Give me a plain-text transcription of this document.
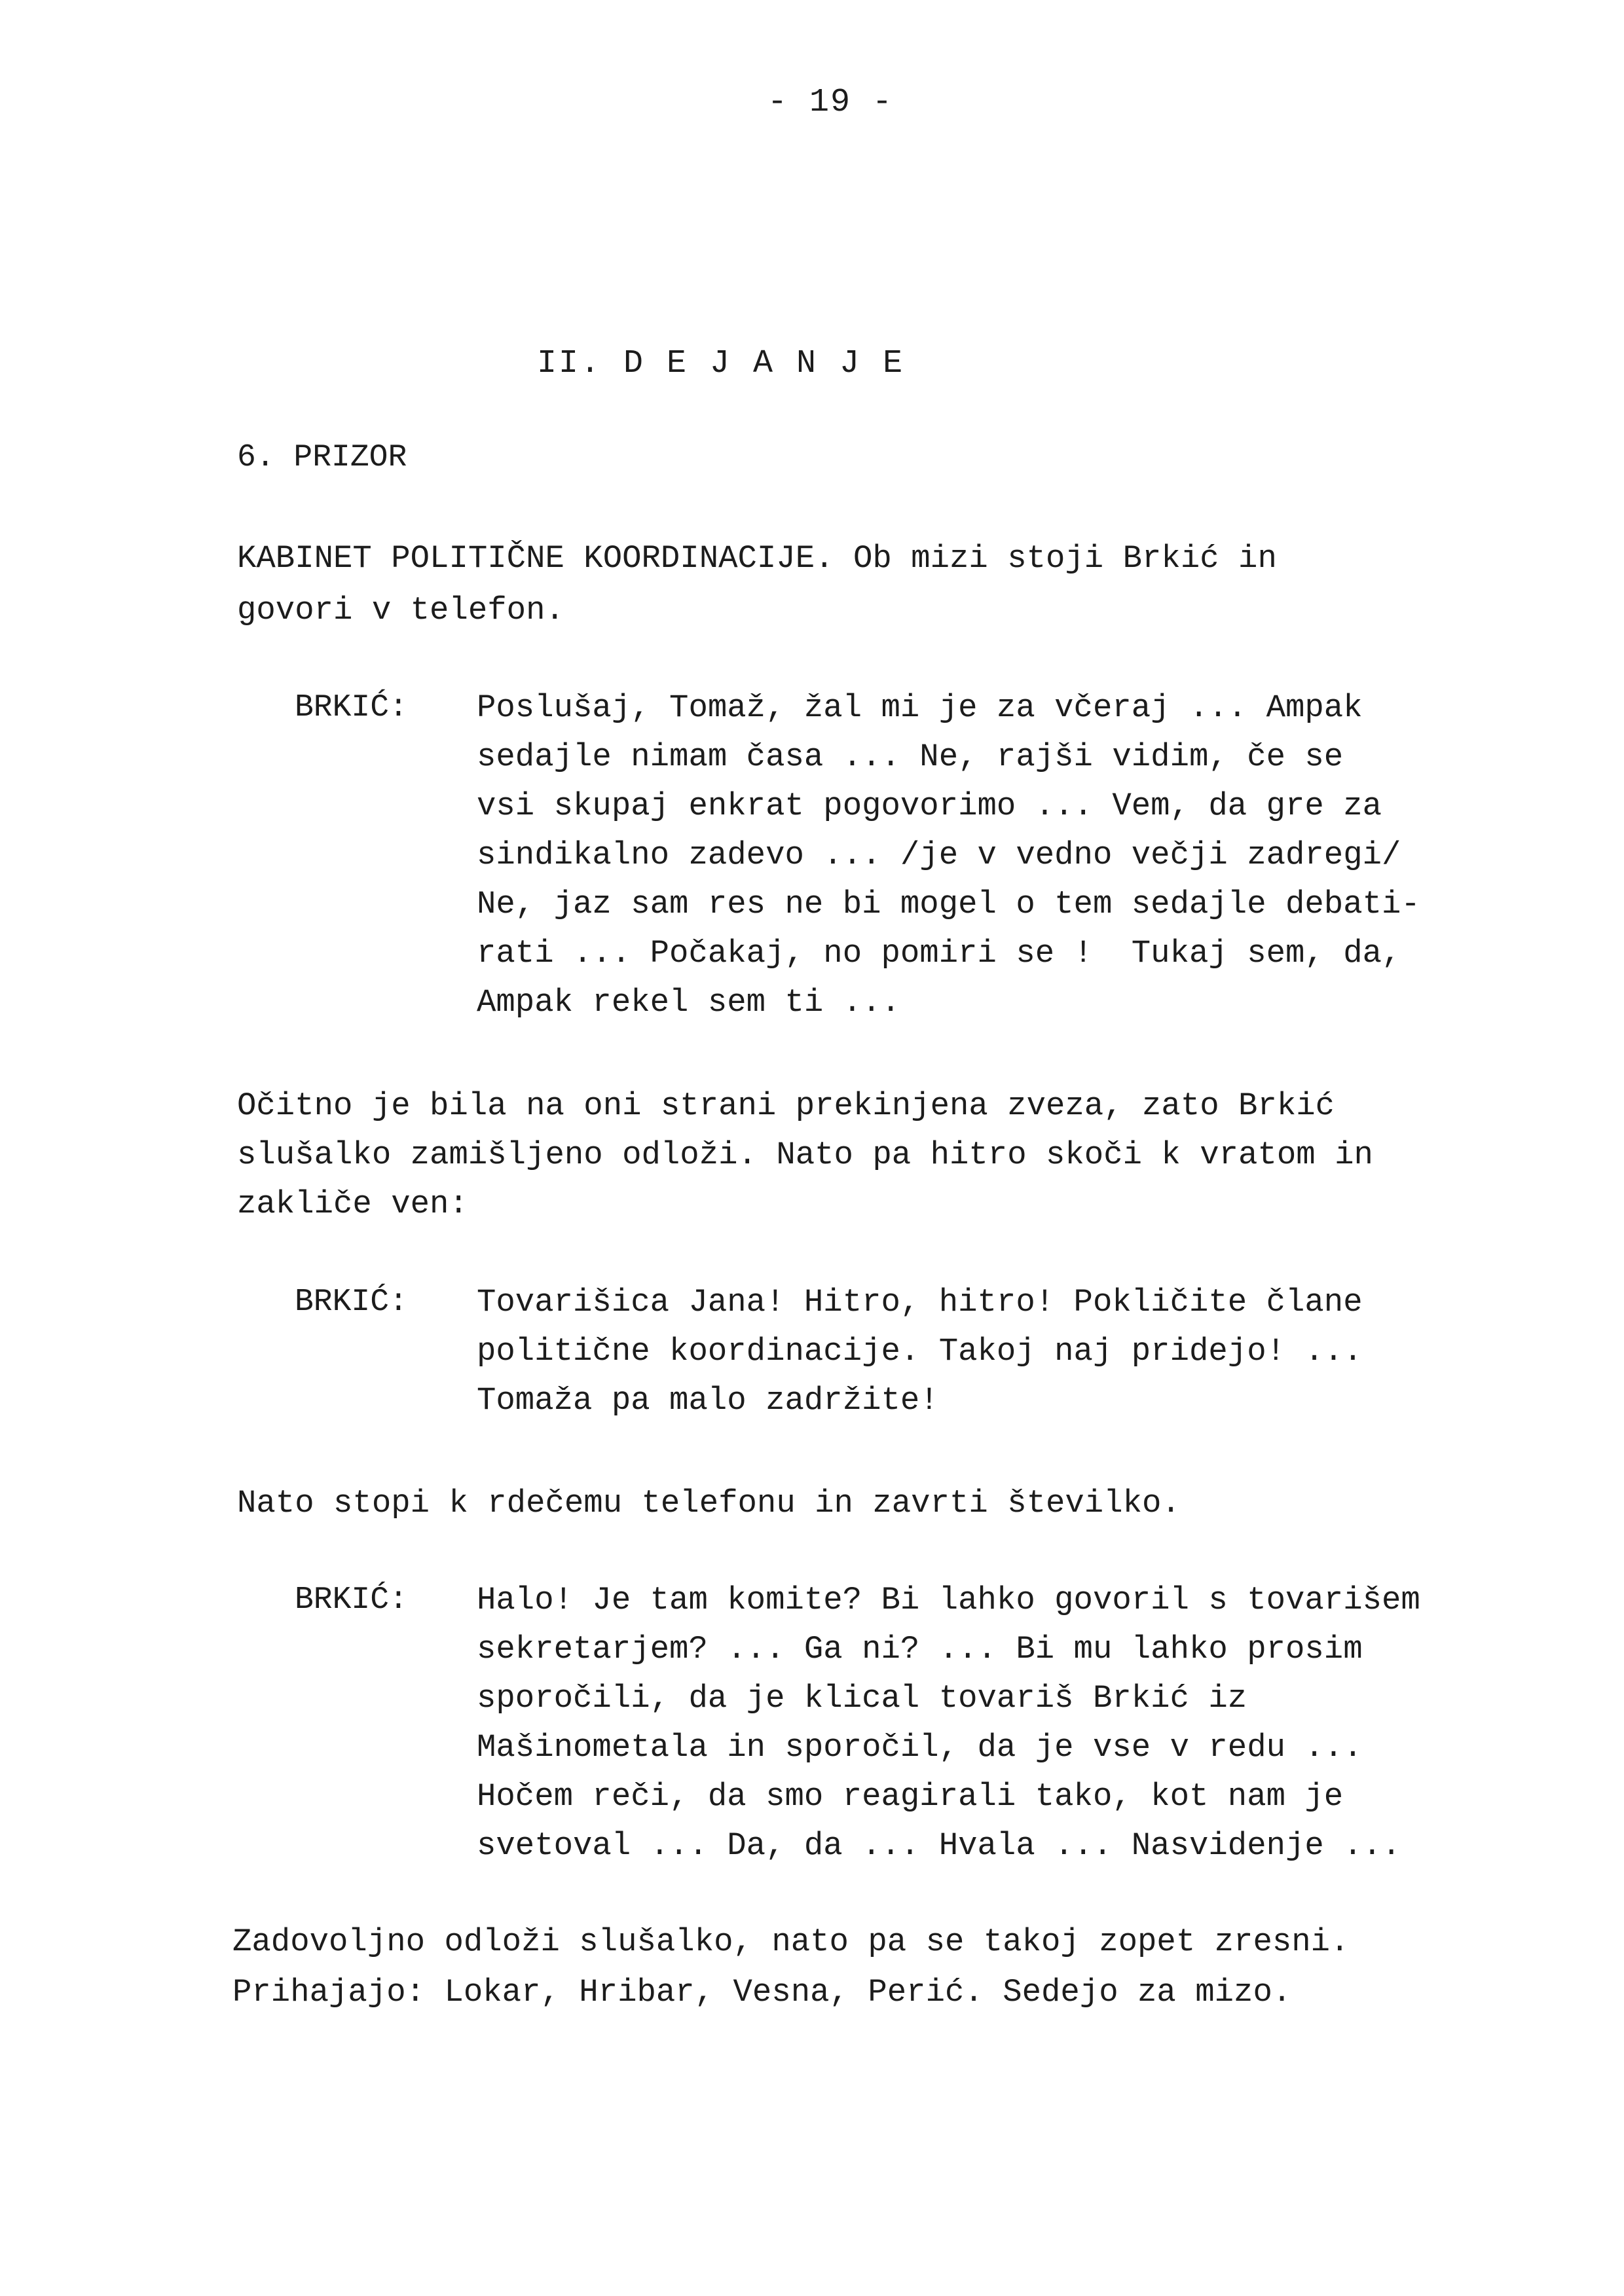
- 19 -
II. D E J A N J E
6. PRIZOR
KABINET POLITIČNE KOORDINACIJE. Ob mizi stoji Brkić in
govori v telefon.
BRKIĆ: Poslušaj, Tomaž, žal mi je za včeraj ... Ampak
sedajle nimam časa ... Ne, rajši vidim, če se
vsi skupaj enkrat pogovorimo ... Vem, da gre za
sindikalno zadevo ... /je v vedno večji zadregi/
Ne, jaz sam res ne bi mogel o tem sedajle debati-
rati ... Počakaj, no pomiri se !  Tukaj sem, da,
Ampak rekel sem ti ...
Očitno je bila na oni strani prekinjena zveza, zato Brkić
slušalko zamišljeno odloži. Nato pa hitro skoči k vratom in
zakliče ven:
BRKIĆ: Tovarišica Jana! Hitro, hitro! Pokličite člane
politične koordinacije. Takoj naj pridejo! ...
Tomaža pa malo zadržite!
Nato stopi k rdečemu telefonu in zavrti številko.
BRKIĆ: Halo! Je tam komite? Bi lahko govoril s tovarišem
sekretarjem? ... Ga ni? ... Bi mu lahko prosim
sporočili, da je klical tovariš Brkić iz
Mašinometala in sporočil, da je vse v redu ...
Hočem reči, da smo reagirali tako, kot nam je
svetoval ... Da, da ... Hvala ... Nasvidenje ...
Zadovoljno odloži slušalko, nato pa se takoj zopet zresni.
Prihajajo: Lokar, Hribar, Vesna, Perić. Sedejo za mizo.
